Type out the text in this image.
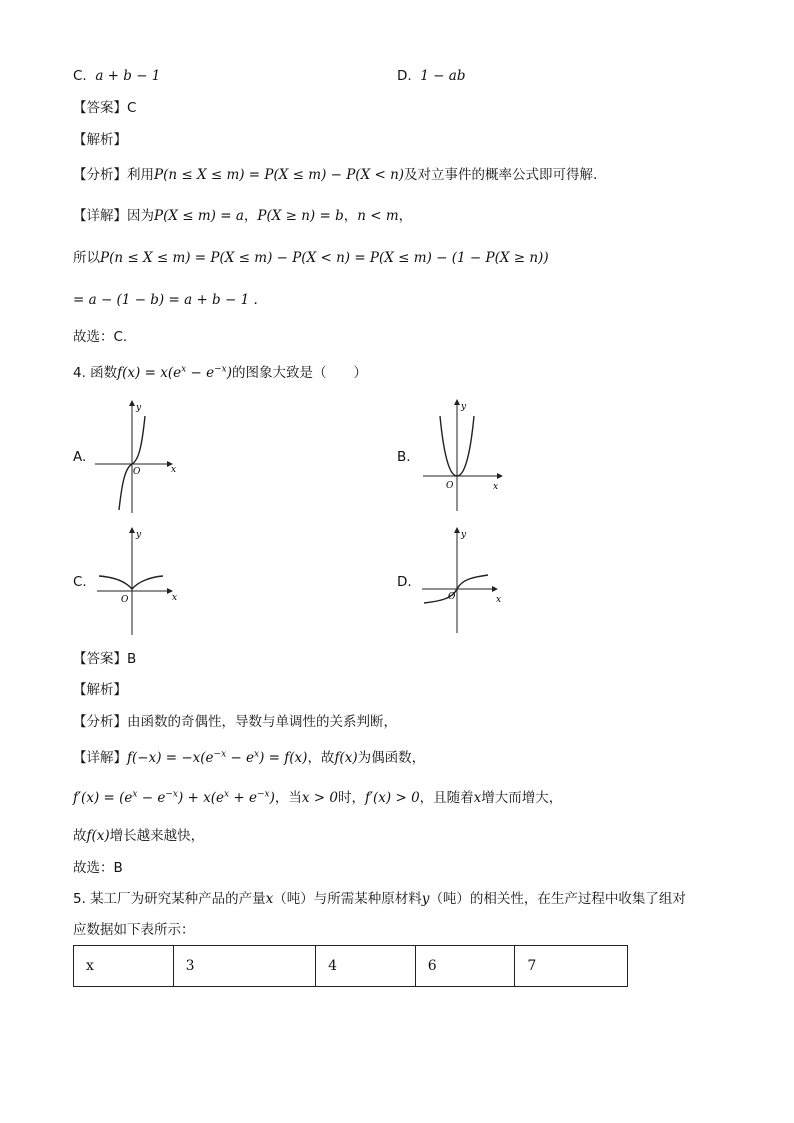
C. a + b − 1	D. 1 − ab
【答案】C
【解析】
【分析】利用P(n ≤ X ≤ m) = P(X ≤ m) − P(X < n)及对立事件的概率公式即可得解.
【详解】因为P(X ≤ m) = a，P(X ≥ n) = b，n < m，
所以P(n ≤ X ≤ m) = P(X ≤ m) − P(X < n) = P(X ≤ m) − (1 − P(X ≥ n))
= a − (1 − b) = a + b − 1 .
故选：C.
4. 函数$f(x) = x(e^x - e^{-x})$的图象大致是（　　）
A.	B.
C.	D.
y
x
O
y
x
O
y
x
O
y
x
O
【答案】B
【解析】
【分析】由函数的奇偶性，导数与单调性的关系判断，
【详解】$f(-x) = -x(e^{-x} - e^x) = f(x)$，故f(x)为偶函数，
$f'(x) = (e^x - e^{-x}) + x(e^x + e^{-x})$，当x > 0时，f′(x) > 0，且随着x增大而增大，
故f(x)增长越来越快，
故选：B
5. 某工厂为研究某种产品的产量x（吨）与所需某种原材料y（吨）的相关性，在生产过程中收集了组对
应数据如下表所示：
x	3	4	6	7
